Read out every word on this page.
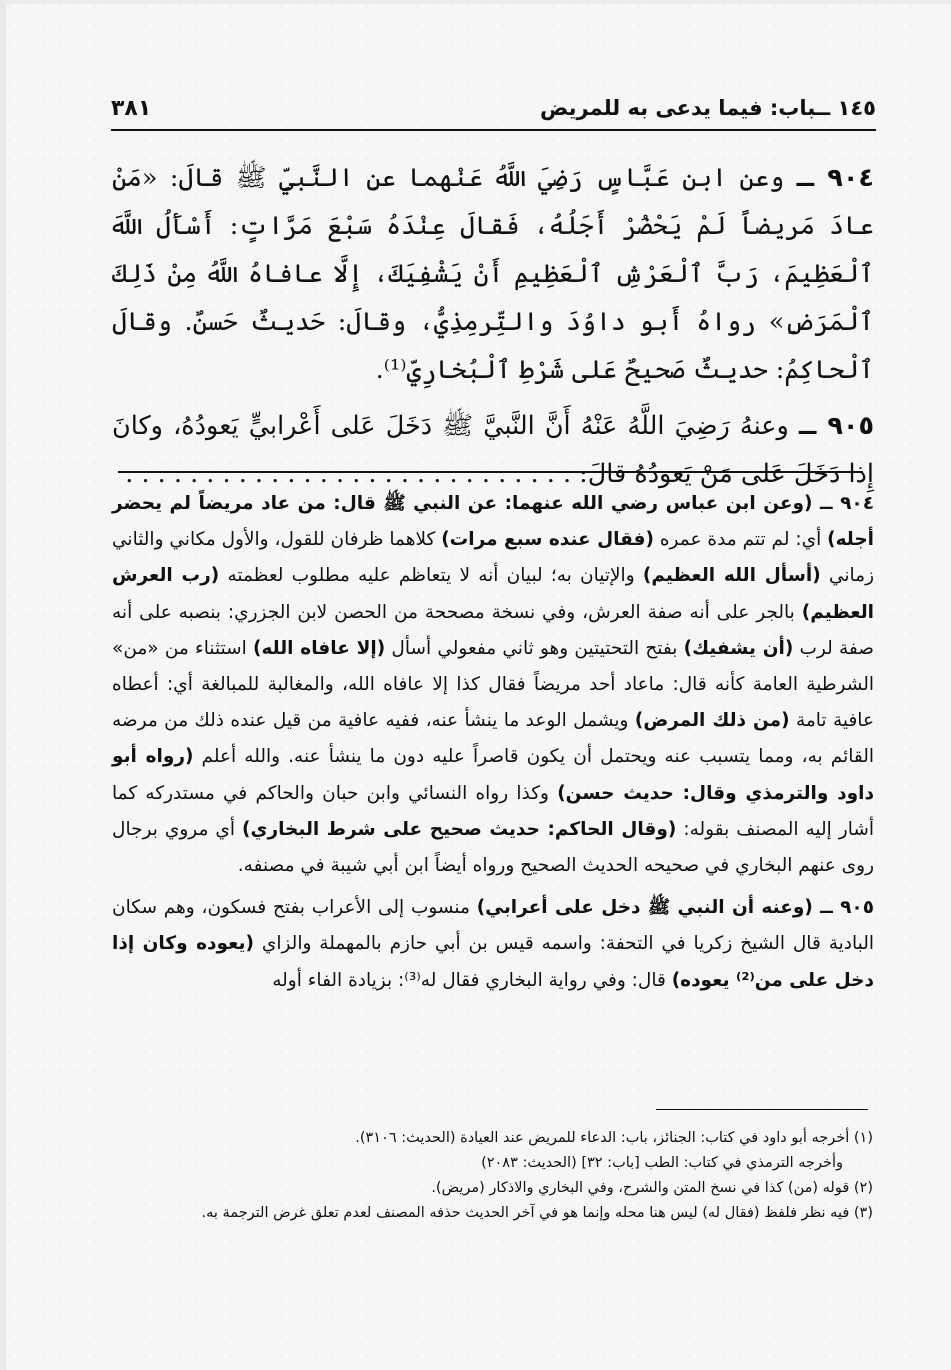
١٤٥ ــباب: فيما يدعى به للمريض
٣٨١

٩٠٤ ــ وعن ابن عَبَّاسٍ رَضِيَ اللَّهُ عَنْهما عنِ النَّبيِّ ﷺ قالَ: «مَنْ عادَ مَريضاً لَمْ يَحْضُرْ أَجَلُهُ، فَقالَ عِنْدَهُ سَبْعَ مَرَّاتٍ: أَسْأَلُ اللَّهَ ٱلْعَظِيمَ، رَبَّ ٱلْعَرْشِ ٱلْعَظِيمِ أَنْ يَشْفِيَكَ، إِلَّا عافاهُ اللَّهُ مِنْ ذَلِكَ ٱلْمَرَضِ» رواهُ أَبو داوُدَ والتِّرمِذِيُّ، وقالَ: حَديثٌ حَسنٌ. وقالَ ٱلْحاكِمُ: حديثٌ صَحيحٌ عَلى شَرْطِ ٱلْبُخارِيِّ⁽¹⁾.

٩٠٥ ــ وعنهُ رَضِيَ اللَّهُ عَنْهُ أَنَّ النَّبيَّ ﷺ دَخَلَ عَلى أَعْرابيٍّ يَعودُهُ، وكانَ إِذا دَخَلَ عَلى مَنْ يَعودُهُ قالَ: . . . . . . . . . . . . . . . . . . . . . . . . . . . .

٩٠٤ ــ (وعن ابن عباس رضي الله عنهما: عن النبي ﷺ قال: من عاد مريضاً لم يحضر أجله) أي: لم تتم مدة عمره (فقال عنده سبع مرات) كلاهما ظرفان للقول، والأول مكاني والثاني زماني (أسأل الله العظيم) والإتيان به؛ لبيان أنه لا يتعاظم عليه مطلوب لعظمته (رب العرش العظيم) بالجر على أنه صفة العرش، وفي نسخة مصححة من الحصن لابن الجزري: بنصبه على أنه صفة لرب (أن يشفيك) بفتح التحتيتين وهو ثاني مفعولي أسأل (إلا عافاه الله) استثناء من «من» الشرطية العامة كأنه قال: ماعاد أحد مريضاً فقال كذا إلا عافاه الله، والمغالبة للمبالغة أي: أعطاه عافية تامة (من ذلك المرض) ويشمل الوعد ما ينشأ عنه، ففيه عافية من قيل عنده ذلك من مرضه القائم به، ومما يتسبب عنه ويحتمل أن يكون قاصراً عليه دون ما ينشأ عنه. والله أعلم (رواه أبو داود والترمذي وقال: حديث حسن) وكذا رواه النسائي وابن حبان والحاكم في مستدركه كما أشار إليه المصنف بقوله: (وقال الحاكم: حديث صحيح على شرط البخاري) أي مروي برجال روى عنهم البخاري في صحيحه الحديث الصحيح ورواه أيضاً ابن أبي شيبة في مصنفه.

٩٠٥ ــ (وعنه أن النبي ﷺ دخل على أعرابي) منسوب إلى الأعراب بفتح فسكون، وهم سكان البادية قال الشيخ زكريا في التحفة: واسمه قيس بن أبي حازم بالمهملة والزاي (يعوده وكان إذا دخل على من⁽²⁾ يعوده) قال: وفي رواية البخاري فقال له⁽³⁾: بزيادة الفاء أوله

(١) أخرجه أبو داود في كتاب: الجنائز، باب: الدعاء للمريض عند العيادة (الحديث: ٣١٠٦).

وأخرجه الترمذي في كتاب: الطب [باب: ٣٢] (الحديث: ٢٠٨٣)

(٢) قوله (من) كذا في نسخ المتن والشرح، وفي البخاري والاذكار (مريض).

(٣) فيه نظر فلفظ (فقال له) ليس هنا محله وإنما هو في آخر الحديث حذفه المصنف لعدم تعلق غرض الترجمة به.
